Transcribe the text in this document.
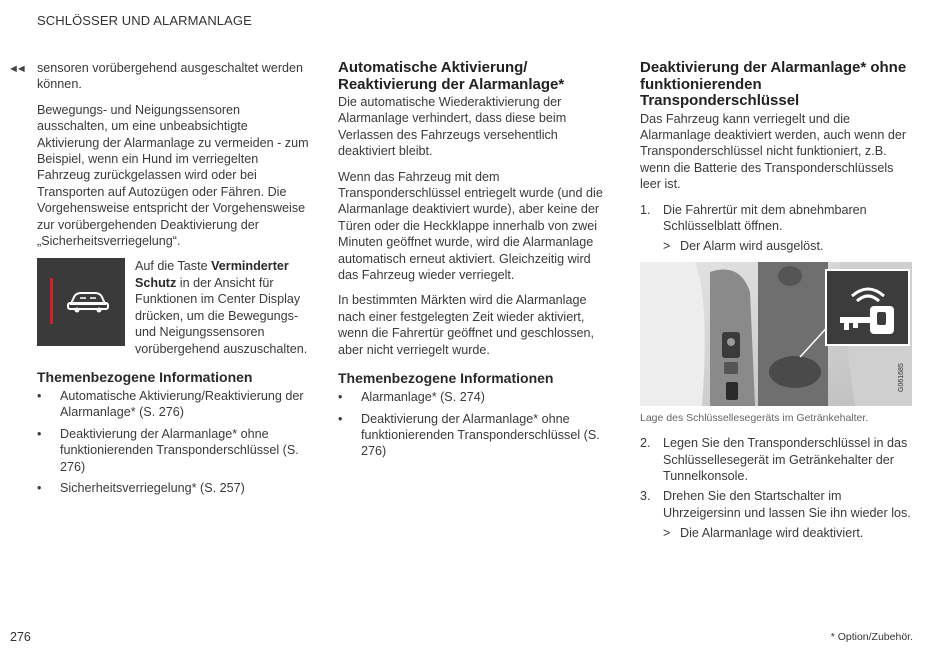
SCHLÖSSER UND ALARMANLAGE
◄◄ sensoren vorübergehend ausgeschaltet werden können.

Bewegungs- und Neigungssensoren ausschalten, um eine unbeabsichtigte Aktivierung der Alarmanlage zu vermeiden - zum Beispiel, wenn ein Hund im verriegelten Fahrzeug zurückgelassen wird oder bei Transporten auf Autozügen oder Fähren. Die Vorgehensweise entspricht der Vorgehensweise zur vorübergehenden Deaktivierung der „Sicherheitsverriegelung“.

Auf die Taste Verminderter Schutz in der Ansicht für Funktionen im Center Display drücken, um die Bewegungs- und Neigungssensoren vorübergehend auszuschalten.
Themenbezogene Informationen
• Automatische Aktivierung/Reaktivierung der Alarmanlage* (S. 276)
• Deaktivierung der Alarmanlage* ohne funktionierenden Transponderschlüssel (S. 276)
• Sicherheitsverriegelung* (S. 257)
Automatische Aktivierung/ Reaktivierung der Alarmanlage*

Die automatische Wiederaktivierung der Alarmanlage verhindert, dass diese beim Verlassen des Fahrzeugs versehentlich deaktiviert bleibt.

Wenn das Fahrzeug mit dem Transponderschlüssel entriegelt wurde (und die Alarmanlage deaktiviert wurde), aber keine der Türen oder die Heckklappe innerhalb von zwei Minuten geöffnet wurde, wird die Alarmanlage automatisch erneut aktiviert. Gleichzeitig wird das Fahrzeug wieder verriegelt.

In bestimmten Märkten wird die Alarmanlage nach einer festgelegten Zeit wieder aktiviert, wenn die Fahrertür geöffnet und geschlossen, aber nicht verriegelt wurde.

Themenbezogene Informationen
• Alarmanlage* (S. 274)
• Deaktivierung der Alarmanlage* ohne funktionierenden Transponderschlüssel (S. 276)
Deaktivierung der Alarmanlage* ohne funktionierenden Transponderschlüssel

Das Fahrzeug kann verriegelt und die Alarmanlage deaktiviert werden, auch wenn der Transponderschlüssel nicht funktioniert, z.B. wenn die Batterie des Transponderschlüssels leer ist.

1. Die Fahrertür mit dem abnehmbaren Schlüsselblatt öffnen.
> Der Alarm wird ausgelöst.
G061685
Lage des Schlüssellesegeräts im Getränkehalter.
2. Legen Sie den Transponderschlüssel in das Schlüssellesegerät im Getränkehalter der Tunnelkonsole.
3. Drehen Sie den Startschalter im Uhrzeigersinn und lassen Sie ihn wieder los.
> Die Alarmanlage wird deaktiviert.
276	* Option/Zubehör.
